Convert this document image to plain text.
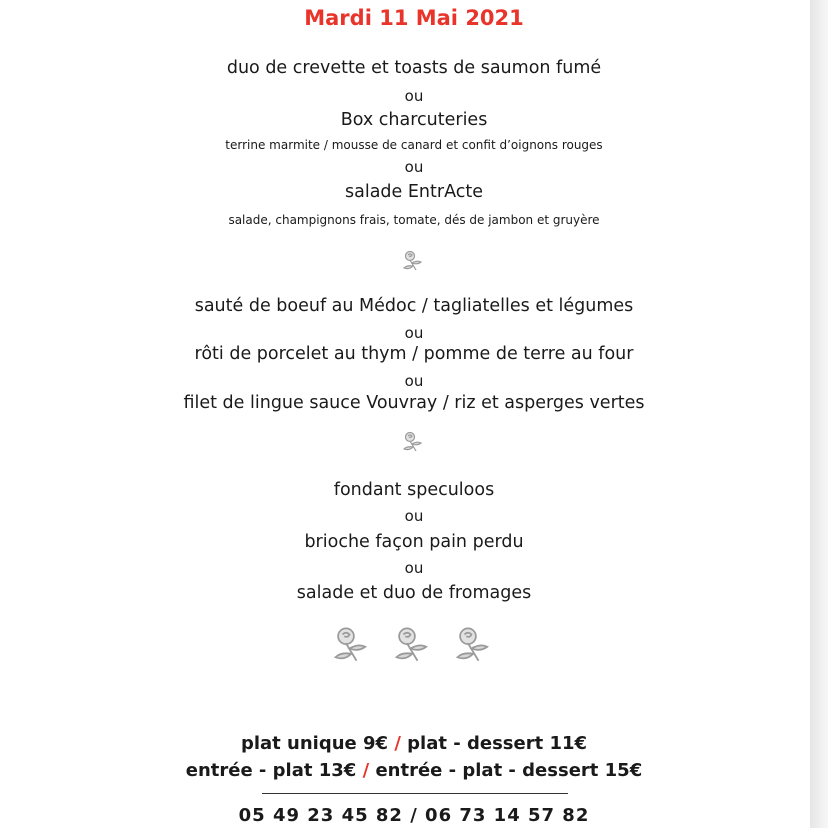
Mardi 11 Mai 2021
duo de crevette et toasts de saumon fumé
ou
Box charcuteries
terrine marmite / mousse de canard et confit d’oignons rouges
ou
salade EntrActe
salade, champignons frais, tomate, dés de jambon et gruyère
sauté de boeuf au Médoc / tagliatelles et légumes
ou
rôti de porcelet au thym / pomme de terre au four
ou
filet de lingue sauce Vouvray / riz et asperges vertes
fondant speculoos
ou
brioche façon pain perdu
ou
salade et duo de fromages

plat unique 9€ / plat - dessert 11€
entrée - plat 13€ / entrée - plat - dessert 15€
05 49 23 45 82 / 06 73 14 57 82
